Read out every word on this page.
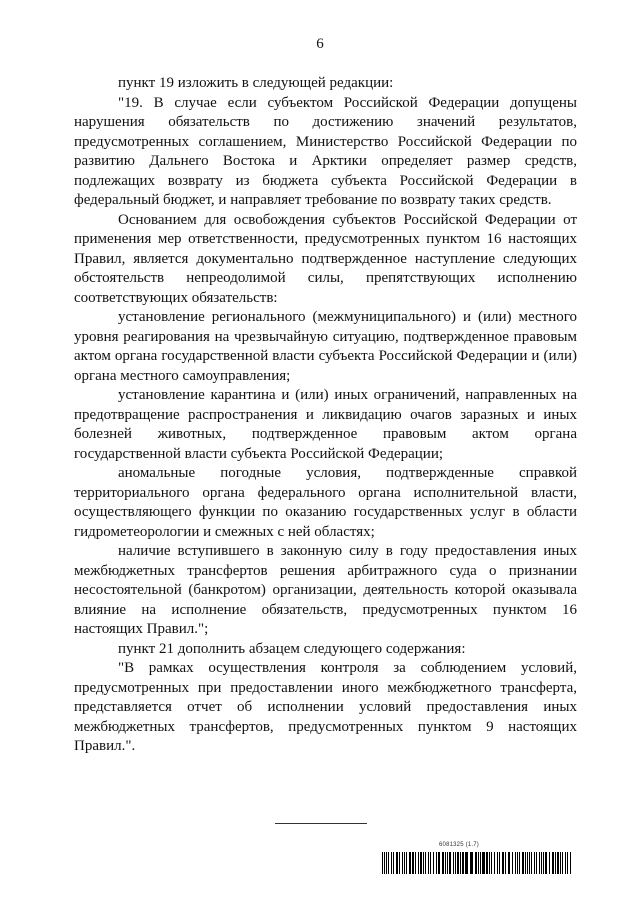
6

пункт 19 изложить в следующей редакции:

"19. В случае если субъектом Российской Федерации допущены нарушения обязательств по достижению значений результатов, предусмотренных соглашением, Министерство Российской Федерации по развитию Дальнего Востока и Арктики определяет размер средств, подлежащих возврату из бюджета субъекта Российской Федерации в федеральный бюджет, и направляет требование по возврату таких средств.

Основанием для освобождения субъектов Российской Федерации от применения мер ответственности, предусмотренных пунктом 16 настоящих Правил, является документально подтвержденное наступление следующих обстоятельств непреодолимой силы, препятствующих исполнению соответствующих обязательств:

установление регионального (межмуниципального) и (или) местного уровня реагирования на чрезвычайную ситуацию, подтвержденное правовым актом органа государственной власти субъекта Российской Федерации и (или) органа местного самоуправления;

установление карантина и (или) иных ограничений, направленных на предотвращение распространения и ликвидацию очагов заразных и иных болезней животных, подтвержденное правовым актом органа государственной власти субъекта Российской Федерации;

аномальные погодные условия, подтвержденные справкой территориального органа федерального органа исполнительной власти, осуществляющего функции по оказанию государственных услуг в области гидрометеорологии и смежных с ней областях;

наличие вступившего в законную силу в году предоставления иных межбюджетных трансфертов решения арбитражного суда о признании несостоятельной (банкротом) организации, деятельность которой оказывала влияние на исполнение обязательств, предусмотренных пунктом 16 настоящих Правил.";

пункт 21 дополнить абзацем следующего содержания:

"В рамках осуществления контроля за соблюдением условий, предусмотренных при предоставлении иного межбюджетного трансферта, представляется отчет об исполнении условий предоставления иных межбюджетных трансфертов, предусмотренных пунктом 9 настоящих Правил.".

6081325 (1.7)
